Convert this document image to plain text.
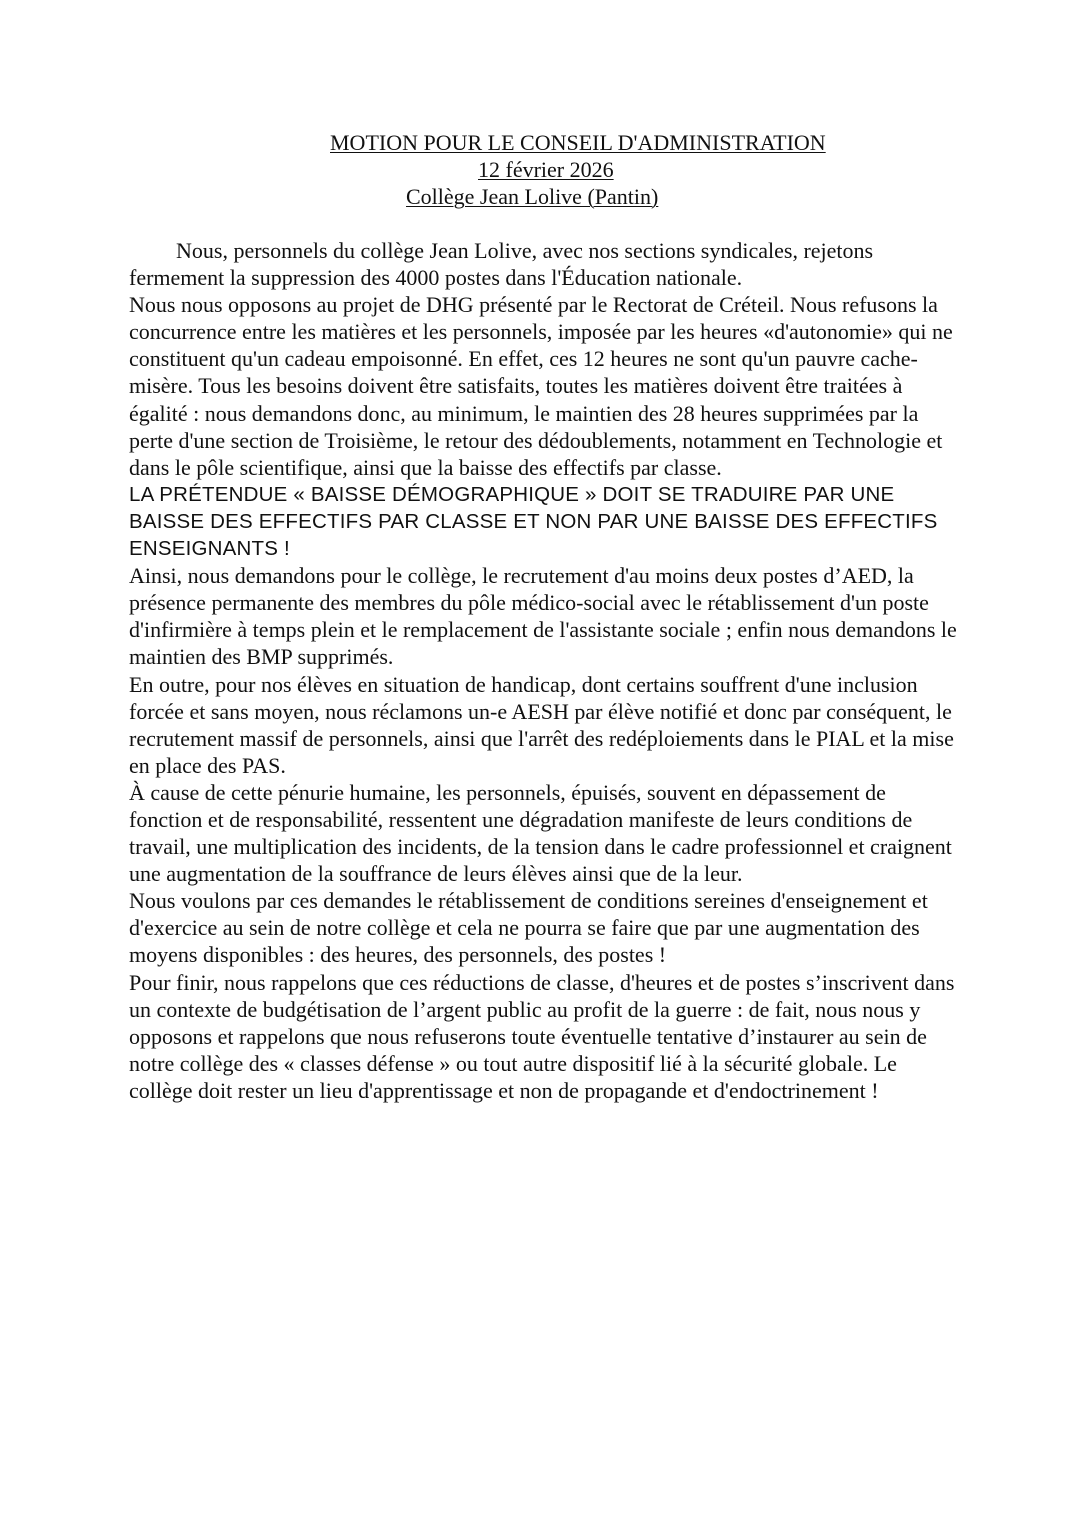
MOTION POUR LE CONSEIL D'ADMINISTRATION
12 février 2026
Collège Jean Lolive (Pantin)

Nous, personnels du collège Jean Lolive, avec nos sections syndicales, rejetons fermement la suppression des 4000 postes dans l'Éducation nationale.

Nous nous opposons au projet de DHG présenté par le Rectorat de Créteil. Nous refusons la concurrence entre les matières et les personnels, imposée par les heures «d'autonomie» qui ne constituent qu'un cadeau empoisonné. En effet, ces 12 heures ne sont qu'un pauvre cache-misère. Tous les besoins doivent être satisfaits, toutes les matières doivent être traitées à égalité : nous demandons donc, au minimum, le maintien des 28 heures supprimées par la perte d'une section de Troisième, le retour des dédoublements, notamment en Technologie et dans le pôle scientifique, ainsi que la baisse des effectifs par classe.

LA PRÉTENDUE « BAISSE DÉMOGRAPHIQUE » DOIT SE TRADUIRE PAR UNE BAISSE DES EFFECTIFS PAR CLASSE ET NON PAR UNE BAISSE DES EFFECTIFS ENSEIGNANTS !

Ainsi, nous demandons pour le collège, le recrutement d'au moins deux postes d’AED, la présence permanente des membres du pôle médico-social avec le rétablissement d'un poste d'infirmière à temps plein et le remplacement de l'assistante sociale ; enfin nous demandons le maintien des BMP supprimés.

En outre, pour nos élèves en situation de handicap, dont certains souffrent d'une inclusion forcée et sans moyen, nous réclamons un-e AESH par élève notifié et donc par conséquent, le recrutement massif de personnels, ainsi que l'arrêt des redéploiements dans le PIAL et la mise en place des PAS.

À cause de cette pénurie humaine, les personnels, épuisés, souvent en dépassement de fonction et de responsabilité, ressentent une dégradation manifeste de leurs conditions de travail, une multiplication des incidents, de la tension dans le cadre professionnel et craignent une augmentation de la souffrance de leurs élèves ainsi que de la leur.

Nous voulons par ces demandes le rétablissement de conditions sereines d'enseignement et d'exercice au sein de notre collège et cela ne pourra se faire que par une augmentation des moyens disponibles : des heures, des personnels, des postes !

Pour finir, nous rappelons que ces réductions de classe, d'heures et de postes s’inscrivent dans un contexte de budgétisation de l’argent public au profit de la guerre : de fait, nous nous y opposons et rappelons que nous refuserons toute éventuelle tentative d’instaurer au sein de notre collège des « classes défense » ou tout autre dispositif lié à la sécurité globale. Le collège doit rester un lieu d'apprentissage et non de propagande et d'endoctrinement !
